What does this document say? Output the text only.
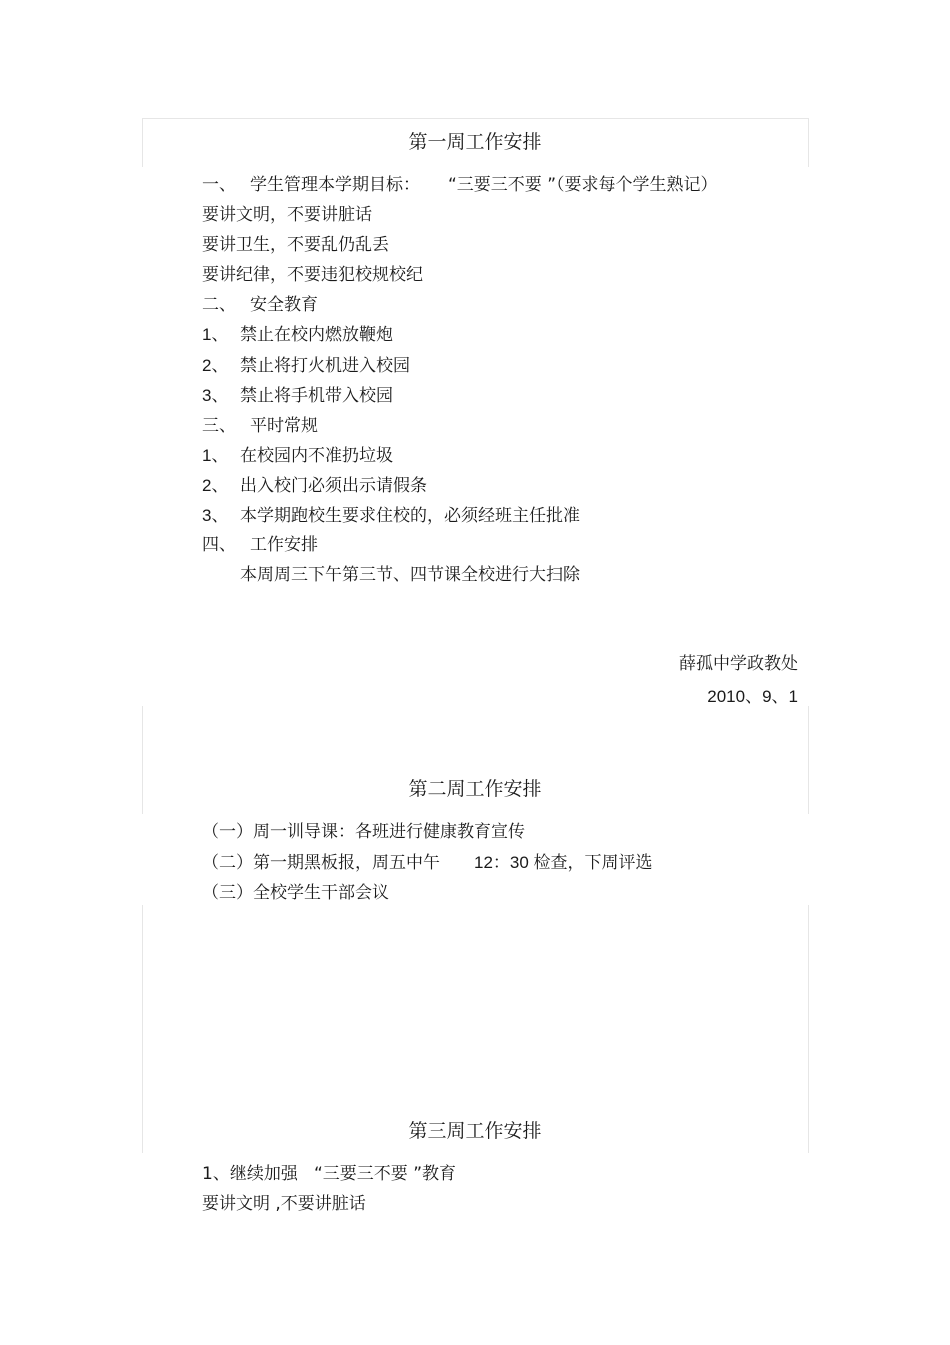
第一周工作安排
一、 学生管理本学期目标： “三要三不要 ”（要求每个学生熟记）
要讲文明，不要讲脏话
要讲卫生，不要乱仍乱丢
要讲纪律，不要违犯校规校纪
二、 安全教育
1、 禁止在校内燃放鞭炮
2、 禁止将打火机进入校园
3、 禁止将手机带入校园
三、 平时常规
1、 在校园内不准扔垃圾
2、 出入校门必须出示请假条
3、 本学期跑校生要求住校的，必须经班主任批准
四、 工作安排
本周周三下午第三节、四节课全校进行大扫除
薛孤中学政教处
2010、9、1
第二周工作安排
（一）周一训导课：各班进行健康教育宣传
（二）第一期黑板报，周五中午 12：30 检查，下周评选
（三）全校学生干部会议
第三周工作安排
1、继续加强 “三要三不要 ”教育
要讲文明 ,不要讲脏话
